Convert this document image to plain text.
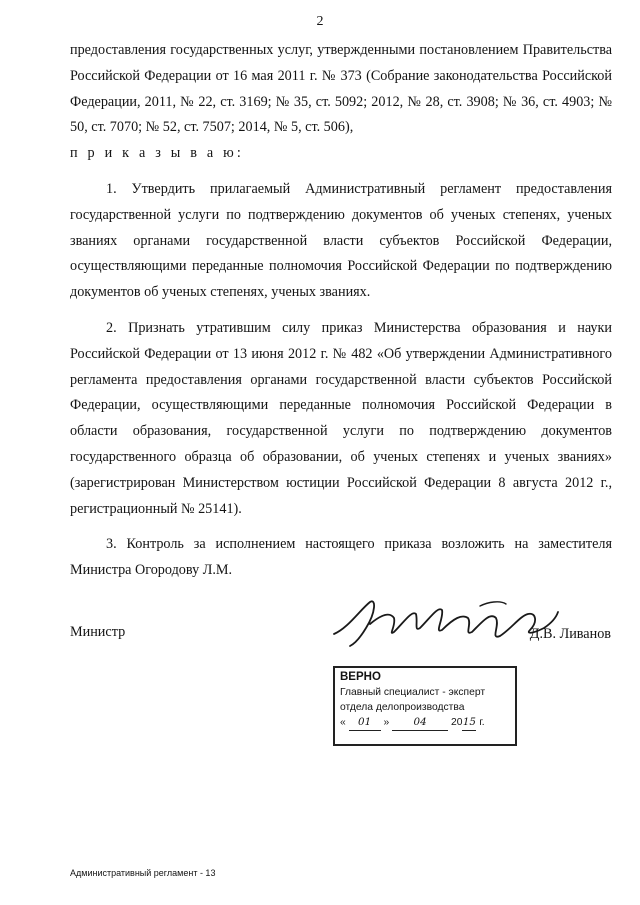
2

предоставления государственных услуг, утвержденными постановлением Правительства Российской Федерации от 16 мая 2011 г. № 373 (Собрание законодательства Российской Федерации, 2011, № 22, ст. 3169; № 35, ст. 5092; 2012, № 28, ст. 3908; № 36, ст. 4903; № 50, ст. 7070; № 52, ст. 7507; 2014, № 5, ст. 506),

п р и к а з ы в а ю:

1. Утвердить прилагаемый Административный регламент предоставления государственной услуги по подтверждению документов об ученых степенях, ученых званиях органами государственной власти субъектов Российской Федерации, осуществляющими переданные полномочия Российской Федерации по подтверждению документов об ученых степенях, ученых званиях.

2. Признать утратившим силу приказ Министерства образования и науки Российской Федерации от 13 июня 2012 г. № 482 «Об утверждении Административного регламента предоставления органами государственной власти субъектов Российской Федерации, осуществляющими переданные полномочия Российской Федерации в области образования, государственной услуги по подтверждению документов государственного образца об образовании, об ученых степенях и ученых званиях» (зарегистрирован Министерством юстиции Российской Федерации 8 августа 2012 г., регистрационный № 25141).

3. Контроль за исполнением настоящего приказа возложить на заместителя Министра Огородову Л.М.

Министр	Д.В. Ливанов
ВЕРНО
Главный специалист - эксперт
отдела делопроизводства
« 01 » 04 2015 г.
Административный регламент - 13
